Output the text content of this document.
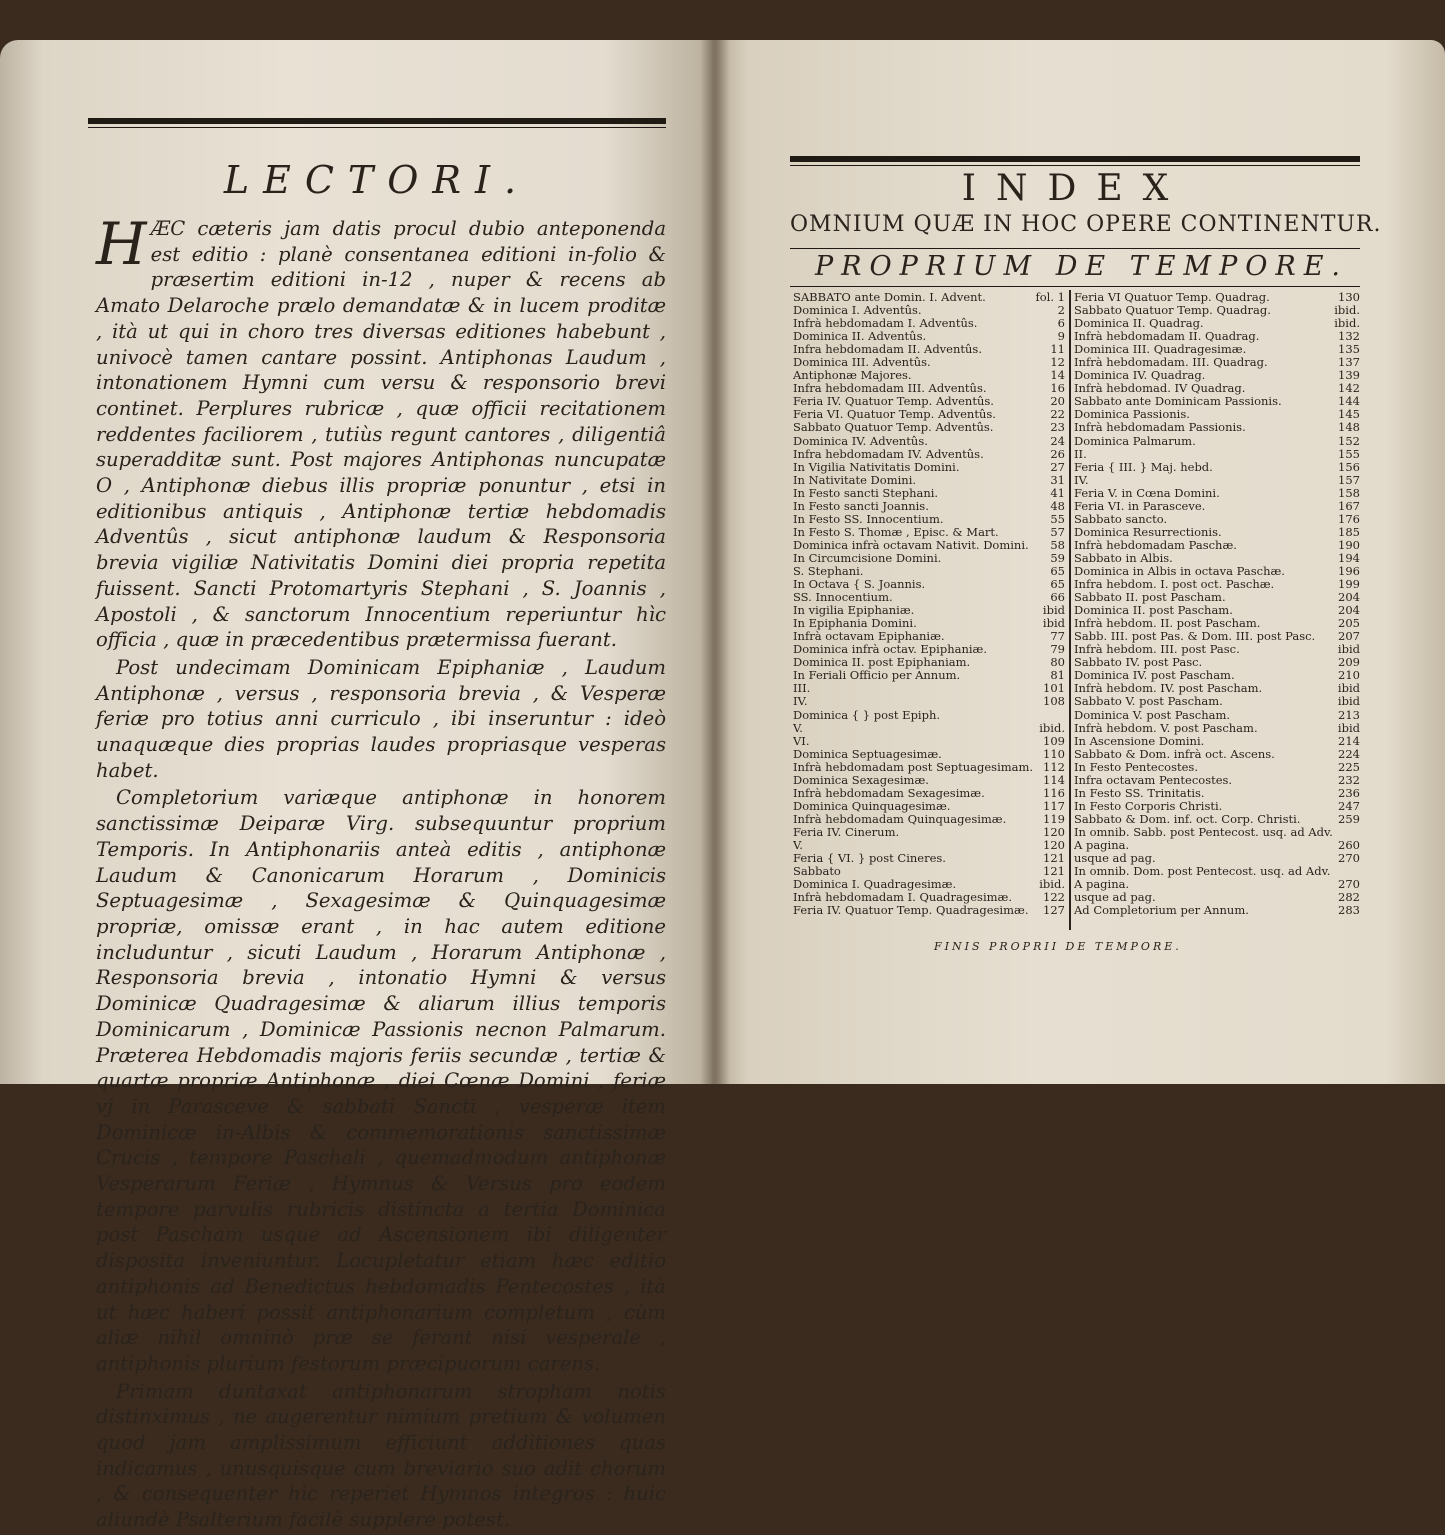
LECTORI.

HÆC cæteris jam datis procul dubio anteponenda est editio : planè consentanea editioni in-folio & præsertim editioni in-12 , nuper & recens ab Amato Delaroche prælo demandatæ & in lucem proditæ , ità ut qui in choro tres diversas editiones habebunt , univocè tamen cantare possint. Antiphonas Laudum , intonationem Hymni cum versu & responsorio brevi continet. Perplures rubricæ , quæ officii recitationem reddentes faciliorem , tutiùs regunt cantores , diligentiâ superadditæ sunt. Post majores Antiphonas nuncupatæ O , Antiphonæ diebus illis propriæ ponuntur , etsi in editionibus antiquis , Antiphonæ tertiæ hebdomadis Adventûs , sicut antiphonæ laudum & Responsoria brevia vigiliæ Nativitatis Domini diei propria repetita fuissent. Sancti Protomartyris Stephani , S. Joannis , Apostoli , & sanctorum Innocentium reperiuntur hìc officia , quæ in præcedentibus prætermissa fuerant.

Post undecimam Dominicam Epiphaniæ , Laudum Antiphonæ , versus , responsoria brevia , & Vesperæ feriæ pro totius anni curriculo , ibi inseruntur : ideò unaquæque dies proprias laudes propriasque vesperas habet.

Completorium variæque antiphonæ in honorem sanctissimæ Deiparæ Virg. subsequuntur proprium Temporis. In Antiphonariis anteà editis , antiphonæ Laudum & Canonicarum Horarum , Dominicis Septuagesimæ , Sexagesimæ & Quinquagesimæ propriæ, omissæ erant , in hac autem editione includuntur , sicuti Laudum , Horarum Antiphonæ , Responsoria brevia , intonatio Hymni & versus Dominicæ Quadragesimæ & aliarum illius temporis Dominicarum , Dominicæ Passionis necnon Palmarum. Præterea Hebdomadis majoris feriis secundæ , tertiæ & quartæ propriæ Antiphonæ , diei Cœnæ Domini , feriæ vj in Parasceve & sabbati Sancti , vesperæ item Dominicæ in-Albis & commemorationis sanctissimæ Crucis , tempore Paschali , quemadmodum antiphonæ Vesperarum Feriæ , Hymnus & Versus pro eodem tempore parvulis rubricis distincta a tertia Dominica post Pascham usque ad Ascensionem ibi diligenter disposita inveniuntur. Locupletatur etiam hæc editio antiphonis ad Benedictus hebdomadis Pentecostes , ità ut hæc haberi possit antiphonarium completum , cùm aliæ nihil omninò præ se ferant nisi vesperale , antiphonis plurium festorum præcipuorum carens.

Primam duntaxat antiphonarum stropham notis distinximus , ne augerentur nimium pretium & volumen quod jam amplissimum efficiunt additiones quas indicamus , unusquisque cum breviario suo adit chorum , & consequenter hìc reperiet Hymnos integros : huic aliundè Psalterium facilè supplere potest.

INDEX
OMNIUM QUÆ IN HOC OPERE CONTINENTUR.
PROPRIUM DE TEMPORE.
SABBATO ante Domin. I. Advent.	fol. 1
Dominica I. Adventûs.	2
Infrà hebdomadam I. Adventûs.	6
Dominica II. Adventûs.	9
Infra hebdomadam II. Adventûs.	11
Dominica III. Adventûs.	12
Antiphonæ Majores.	14
Infra hebdomadam III. Adventûs.	16
Feria IV. Quatuor Temp. Adventûs.	20
Feria VI. Quatuor Temp. Adventûs.	22
Sabbato Quatuor Temp. Adventûs.	23
Dominica IV. Adventûs.	24
Infra hebdomadam IV. Adventûs.	26
In Vigilia Nativitatis Domini.	27
In Nativitate Domini.	31
In Festo sancti Stephani.	41
In Festo sancti Joannis.	48
In Festo SS. Innocentium.	55
In Festo S. Thomæ , Episc. & Mart.	57
Dominica infrà octavam Nativit. Domini.	58
In Circumcisione Domini.	59
S. Stephani.	65
In Octava { S. Joannis.	65
SS. Innocentium.	66
In vigilia Epiphaniæ.	ibid
In Epiphania Domini.	ibid
Infrà octavam Epiphaniæ.	77
Dominica infrà octav. Epiphaniæ.	79
Dominica II. post Epiphaniam.	80
In Feriali Officio per Annum.	81
III.	101
IV.	108
Dominica { } post Epiph.
V.	ibid.
VI.	109
Dominica Septuagesimæ.	110
Infrà hebdomadam post Septuagesimam. 112
Dominica Sexagesimæ.	114
Infrà hebdomadam Sexagesimæ.	116
Dominica Quinquagesimæ.	117
Infrà hebdomadam Quinquagesimæ.	119
Feria IV. Cinerum.	120
V.	120
Feria { VI. } post Cineres.	121
Sabbato	121
Dominica I. Quadragesimæ.	ibid.
Infrà hebdomadam I. Quadragesimæ.	122
Feria IV. Quatuor Temp. Quadragesimæ.	127
Feria VI Quatuor Temp. Quadrag.	130
Sabbato Quatuor Temp. Quadrag.	ibid.
Dominica II. Quadrag.	ibid.
Infrà hebdomadam II. Quadrag.	132
Dominica III. Quadragesimæ.	135
Infrà hebdomadam. III. Quadrag.	137
Dominica IV. Quadrag.	139
Infrà hebdomad. IV Quadrag.	142
Sabbato ante Dominicam Passionis.	144
Dominica Passionis.	145
Infrà hebdomadam Passionis.	148
Dominica Palmarum.	152
II.	155
Feria { III. } Maj. hebd.	156
IV.	157
Feria V. in Cœna Domini.	158
Feria VI. in Parasceve.	167
Sabbato sancto.	176
Dominica Resurrectionis.	185
Infrà hebdomadam Paschæ.	190
Sabbato in Albis.	194
Dominica in Albis in octava Paschæ.	196
Infra hebdom. I. post oct. Paschæ.	199
Sabbato II. post Pascham.	204
Dominica II. post Pascham.	204
Infrà hebdom. II. post Pascham.	205
Sabb. III. post Pas. & Dom. III. post Pasc.	207
Infrà hebdom. III. post Pasc.	ibid
Sabbato IV. post Pasc.	209
Dominica IV. post Pascham.	210
Infrà hebdom. IV. post Pascham.	ibid
Sabbato V. post Pascham.	ibid
Dominica V. post Pascham.	213
Infrà hebdom. V. post Pascham.	ibid
In Ascensione Domini.	214
Sabbato & Dom. infrà oct. Ascens.	224
In Festo Pentecostes.	225
Infra octavam Pentecostes.	232
In Festo SS. Trinitatis.	236
In Festo Corporis Christi.	247
Sabbato & Dom. inf. oct. Corp. Christi.	259
In omnib. Sabb. post Pentecost. usq. ad Adv.
A pagina.	260
usque ad pag.	270
In omnib. Dom. post Pentecost. usq. ad Adv.
A pagina.	270
usque ad pag.	282
Ad Completorium per Annum.	283
FINIS PROPRII DE TEMPORE.
